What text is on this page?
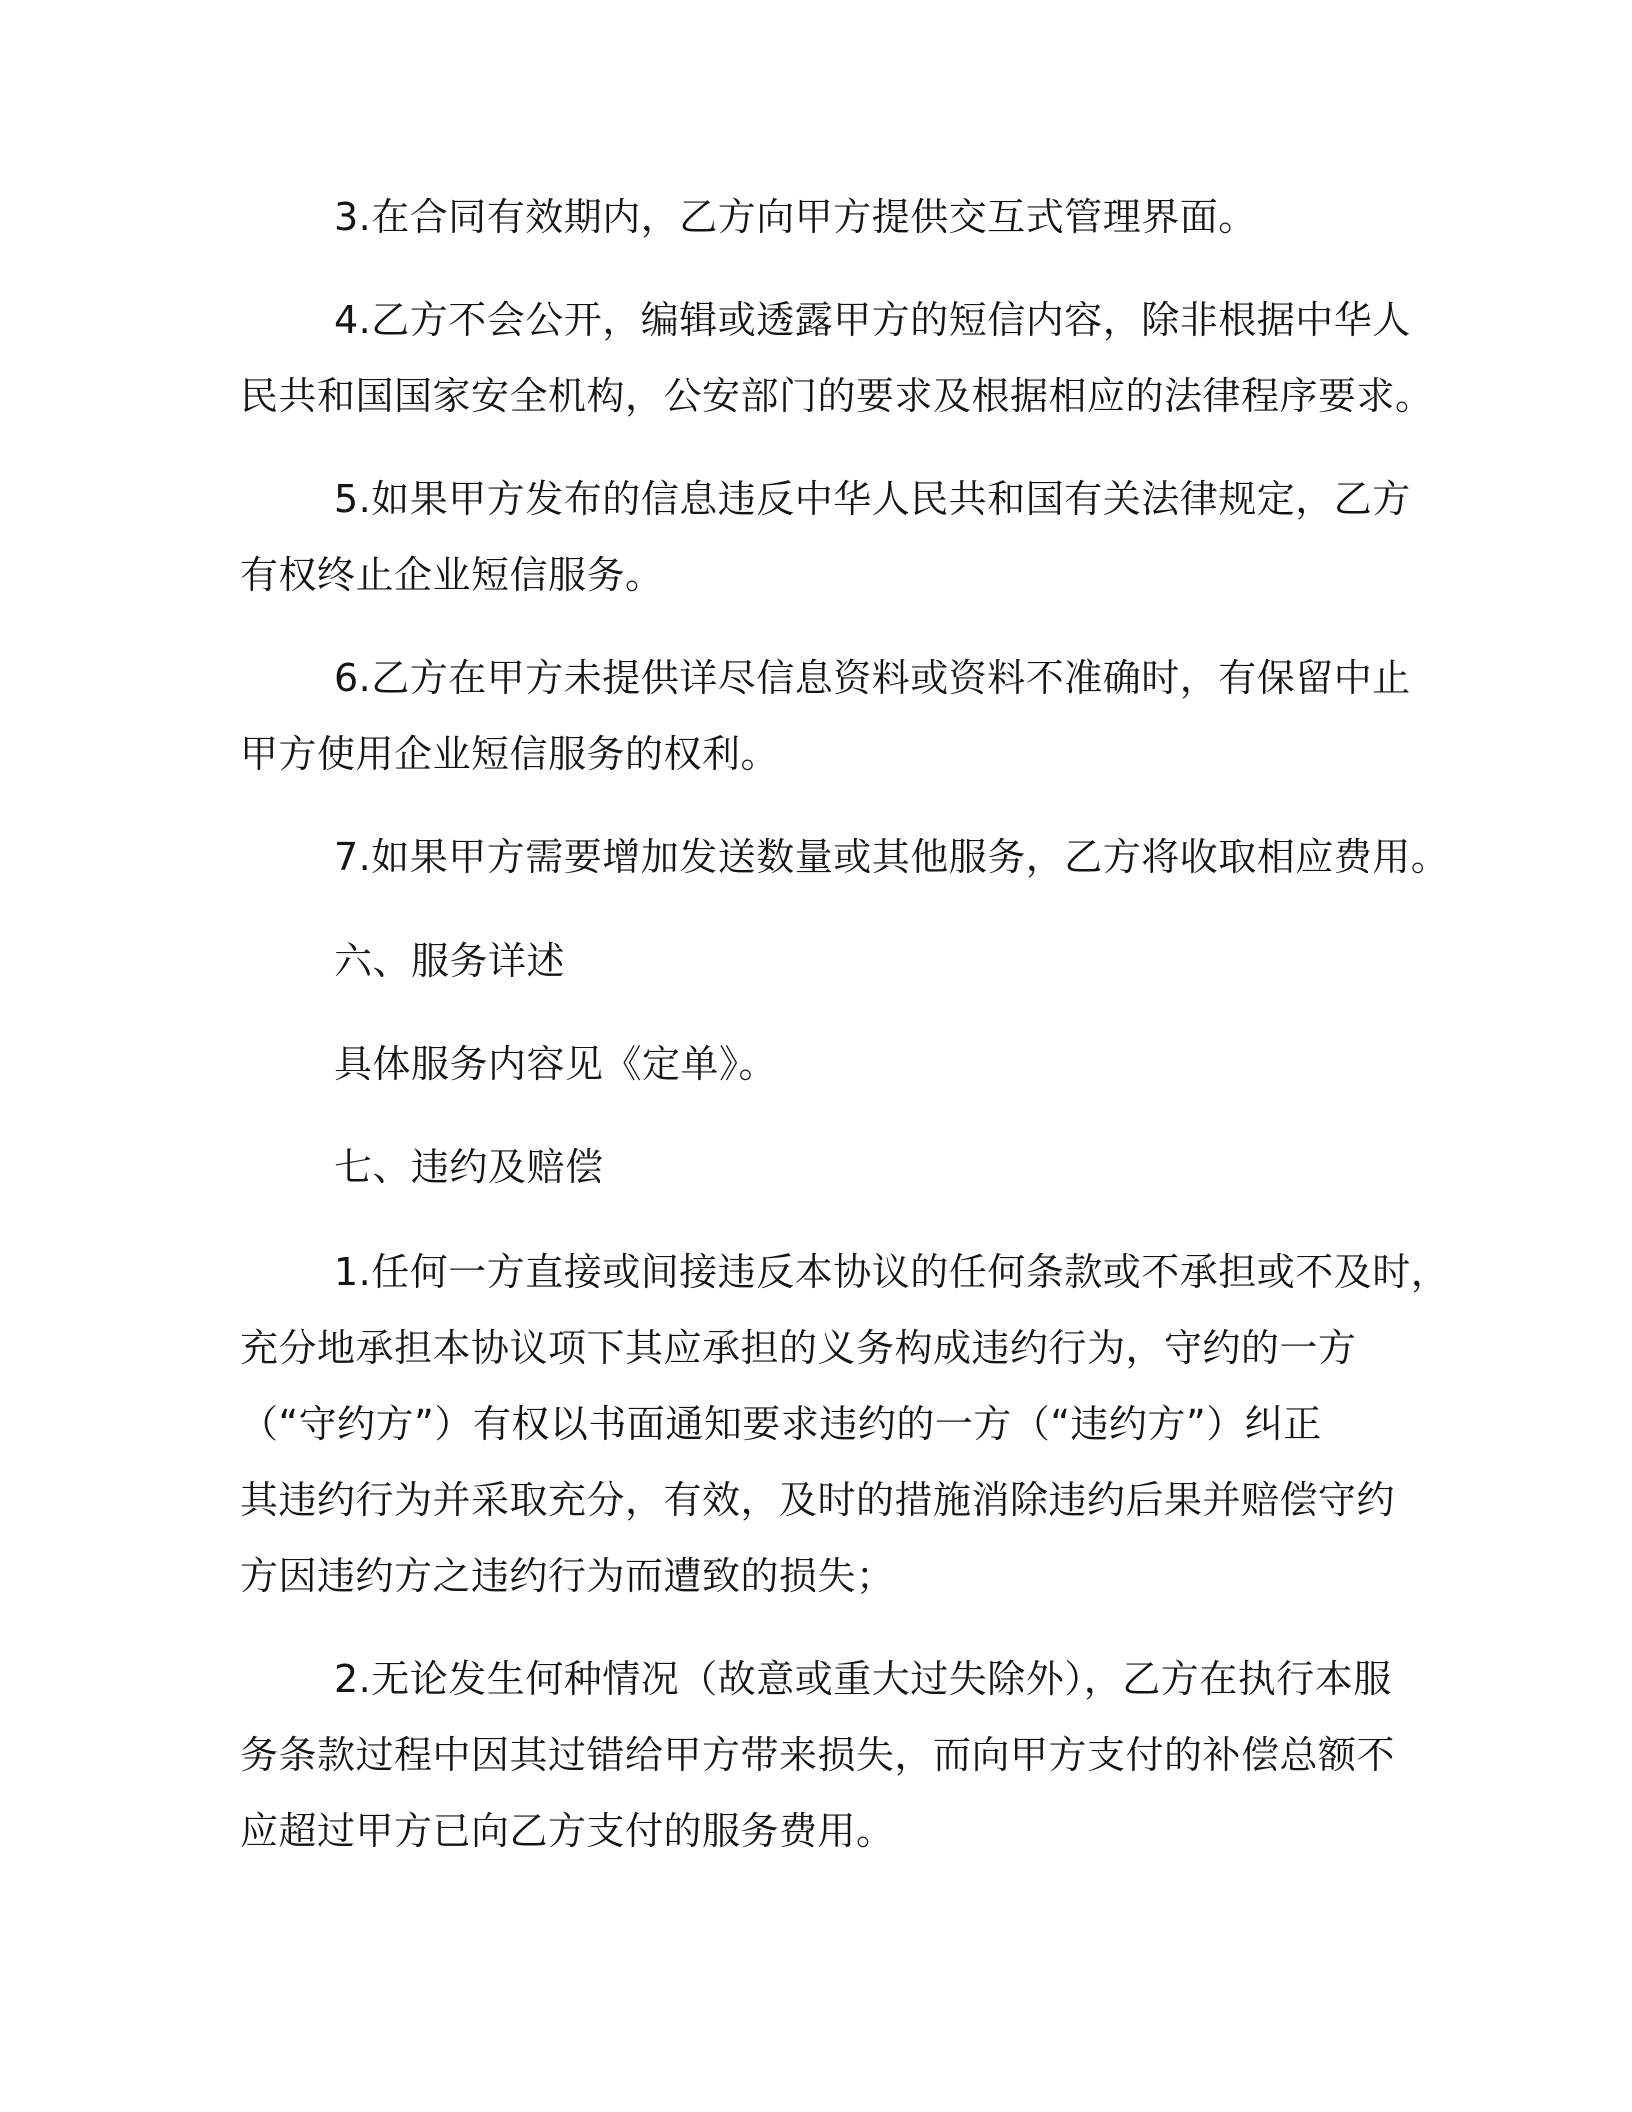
3.在合同有效期内，乙方向甲方提供交互式管理界面。
4.乙方不会公开，编辑或透露甲方的短信内容，除非根据中华人
民共和国国家安全机构，公安部门的要求及根据相应的法律程序要求。
5.如果甲方发布的信息违反中华人民共和国有关法律规定，乙方
有权终止企业短信服务。
6.乙方在甲方未提供详尽信息资料或资料不准确时，有保留中止
甲方使用企业短信服务的权利。
7.如果甲方需要增加发送数量或其他服务，乙方将收取相应费用。
六、服务详述
具体服务内容见《定单》。
七、违约及赔偿
1.任何一方直接或间接违反本协议的任何条款或不承担或不及时，
充分地承担本协议项下其应承担的义务构成违约行为，守约的一方
（“守约方”）有权以书面通知要求违约的一方（“违约方”）纠正
其违约行为并采取充分，有效，及时的措施消除违约后果并赔偿守约
方因违约方之违约行为而遭致的损失；
2.无论发生何种情况（故意或重大过失除外），乙方在执行本服
务条款过程中因其过错给甲方带来损失，而向甲方支付的补偿总额不
应超过甲方已向乙方支付的服务费用。
